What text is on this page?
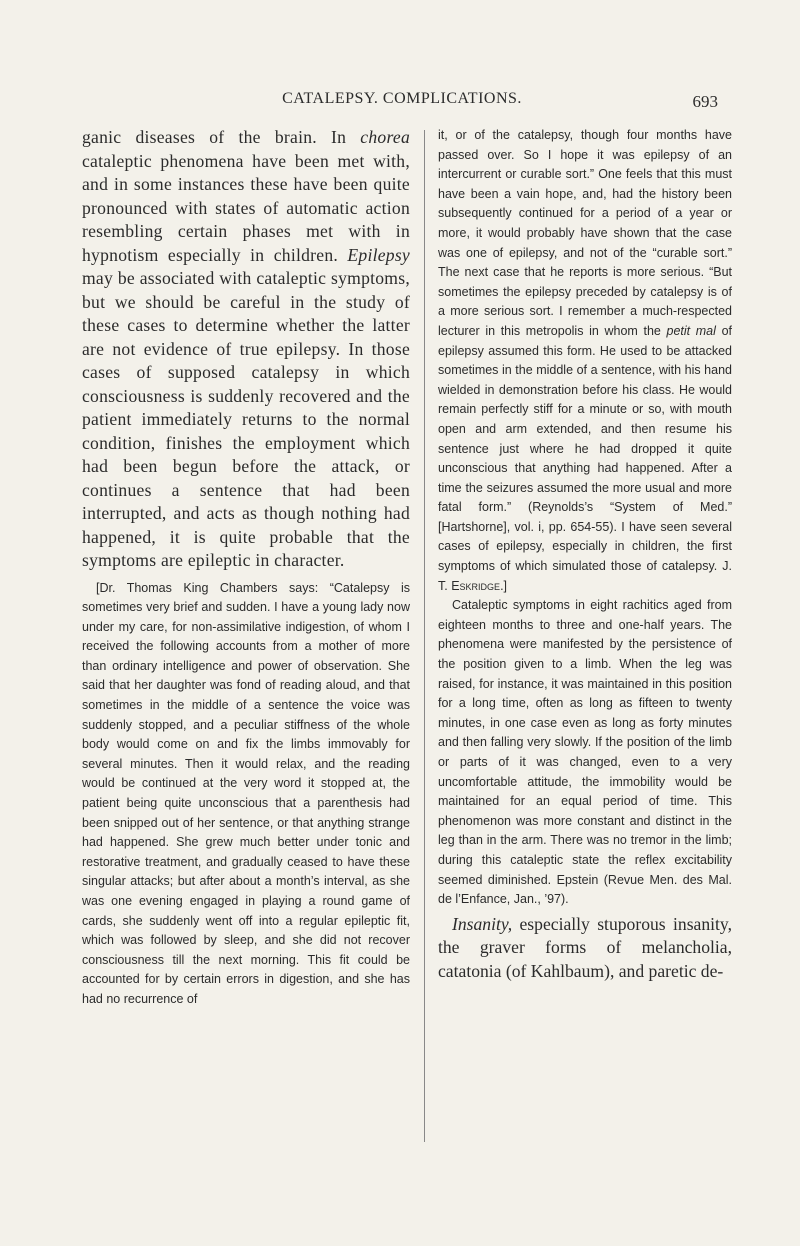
CATALEPSY. COMPLICATIONS.	693

ganic diseases of the brain. In chorea cataleptic phenomena have been met with, and in some instances these have been quite pronounced with states of automatic action resembling certain phases met with in hypnotism especially in children. Epilepsy may be associated with cataleptic symptoms, but we should be careful in the study of these cases to determine whether the latter are not evidence of true epilepsy. In those cases of supposed catalepsy in which consciousness is suddenly recovered and the patient immediately returns to the normal condition, finishes the employment which had been begun before the attack, or continues a sentence that had been interrupted, and acts as though nothing had happened, it is quite probable that the symptoms are epileptic in character.

[Dr. Thomas King Chambers says: “Catalepsy is sometimes very brief and sudden. I have a young lady now under my care, for non-assimilative indigestion, of whom I received the following accounts from a mother of more than ordinary intelligence and power of observation. She said that her daughter was fond of reading aloud, and that sometimes in the middle of a sentence the voice was suddenly stopped, and a peculiar stiffness of the whole body would come on and fix the limbs immovably for several minutes. Then it would relax, and the reading would be continued at the very word it stopped at, the patient being quite unconscious that a parenthesis had been snipped out of her sentence, or that anything strange had happened. She grew much better under tonic and restorative treatment, and gradually ceased to have these singular attacks; but after about a month’s interval, as she was one evening engaged in playing a round game of cards, she suddenly went off into a regular epileptic fit, which was followed by sleep, and she did not recover consciousness till the next morning. This fit could be accounted for by certain errors in digestion, and she has had no recurrence of

it, or of the catalepsy, though four months have passed over. So I hope it was epilepsy of an intercurrent or curable sort.” One feels that this must have been a vain hope, and, had the history been subsequently continued for a period of a year or more, it would probably have shown that the case was one of epilepsy, and not of the “curable sort.” The next case that he reports is more serious. “But sometimes the epilepsy preceded by catalepsy is of a more serious sort. I remember a much-respected lecturer in this metropolis in whom the petit mal of epilepsy assumed this form. He used to be attacked sometimes in the middle of a sentence, with his hand wielded in demonstration before his class. He would remain perfectly stiff for a minute or so, with mouth open and arm extended, and then resume his sentence just where he had dropped it quite unconscious that anything had happened. After a time the seizures assumed the more usual and more fatal form.” (Reynolds’s “System of Med.” [Hartshorne], vol. i, pp. 654-55). I have seen several cases of epilepsy, especially in children, the first symptoms of which simulated those of catalepsy. J. T. Eskridge.]

Cataleptic symptoms in eight rachitics aged from eighteen months to three and one-half years. The phenomena were manifested by the persistence of the position given to a limb. When the leg was raised, for instance, it was maintained in this position for a long time, often as long as fifteen to twenty minutes, in one case even as long as forty minutes and then falling very slowly. If the position of the limb or parts of it was changed, even to a very uncomfortable attitude, the immobility would be maintained for an equal period of time. This phenomenon was more constant and distinct in the leg than in the arm. There was no tremor in the limb; during this cataleptic state the reflex excitability seemed diminished. Epstein (Revue Men. des Mal. de l’Enfance, Jan., ’97).

Insanity, especially stuporous insanity, the graver forms of melancholia, catatonia (of Kahlbaum), and paretic de-
